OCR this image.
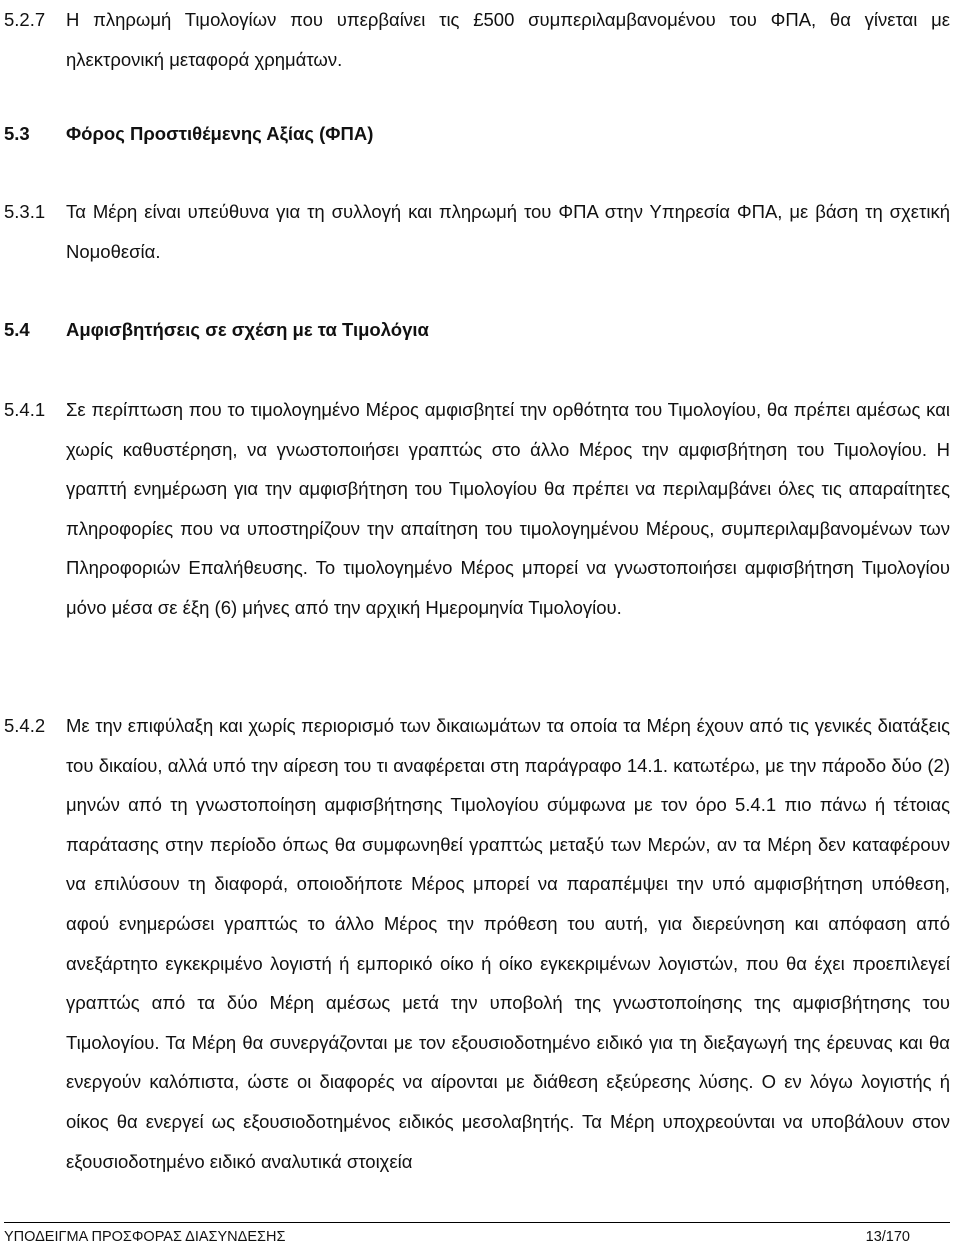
5.2.7	Η πληρωμή Τιμολογίων που υπερβαίνει τις £500 συμπεριλαμβανομένου του ΦΠΑ, θα γίνεται με ηλεκτρονική μεταφορά χρημάτων.
5.3	Φόρος Προστιθέμενης Αξίας (ΦΠΑ)
5.3.1	Τα Μέρη είναι υπεύθυνα για τη συλλογή και πληρωμή του ΦΠΑ στην Υπηρεσία ΦΠΑ, με βάση τη σχετική Νομοθεσία.
5.4	Αμφισβητήσεις σε σχέση με τα Τιμολόγια
5.4.1	Σε περίπτωση που το τιμολογημένο Μέρος αμφισβητεί την ορθότητα του Τιμολογίου, θα πρέπει αμέσως και χωρίς καθυστέρηση, να γνωστοποιήσει γραπτώς στο άλλο Μέρος την αμφισβήτηση του Τιμολογίου. Η γραπτή ενημέρωση για την αμφισβήτηση του Τιμολογίου θα πρέπει να περιλαμβάνει όλες τις απαραίτητες πληροφορίες που να υποστηρίζουν την απαίτηση του τιμολογημένου Μέρους, συμπεριλαμβανομένων των Πληροφοριών Επαλήθευσης. Το τιμολογημένο Μέρος μπορεί να γνωστοποιήσει αμφισβήτηση Τιμολογίου μόνο μέσα σε έξη (6) μήνες από την αρχική Ημερομηνία Τιμολογίου.
5.4.2	Με την επιφύλαξη και χωρίς περιορισμό των δικαιωμάτων τα οποία τα Μέρη έχουν από τις γενικές διατάξεις του δικαίου, αλλά υπό την αίρεση του τι αναφέρεται στη παράγραφο 14.1. κατωτέρω, με την πάροδο δύο (2) μηνών από τη γνωστοποίηση αμφισβήτησης Τιμολογίου σύμφωνα με τον όρο 5.4.1 πιο πάνω ή τέτοιας παράτασης στην περίοδο όπως θα συμφωνηθεί γραπτώς μεταξύ των Μερών, αν τα Μέρη δεν καταφέρουν να επιλύσουν τη διαφορά, οποιοδήποτε Μέρος μπορεί να παραπέμψει την υπό αμφισβήτηση υπόθεση, αφού ενημερώσει γραπτώς το άλλο Μέρος την πρόθεση του αυτή, για διερεύνηση και απόφαση από ανεξάρτητο εγκεκριμένο λογιστή ή εμπορικό οίκο ή οίκο εγκεκριμένων λογιστών, που θα έχει προεπιλεγεί γραπτώς από τα δύο Μέρη αμέσως μετά την υποβολή της γνωστοποίησης της αμφισβήτησης του Τιμολογίου. Τα Μέρη θα συνεργάζονται με τον εξουσιοδοτημένο ειδικό για τη διεξαγωγή της έρευνας και θα ενεργούν καλόπιστα, ώστε οι διαφορές να αίρονται με διάθεση εξεύρεσης λύσης. Ο εν λόγω λογιστής ή οίκος θα ενεργεί ως εξουσιοδοτημένος ειδικός μεσολαβητής. Τα Μέρη υποχρεούνται να υποβάλουν στον εξουσιοδοτημένο ειδικό αναλυτικά στοιχεία
ΥΠΟΔΕΙΓΜΑ ΠΡΟΣΦΟΡΑΣ ΔΙΑΣΥΝΔΕΣΗΣ	13/170
